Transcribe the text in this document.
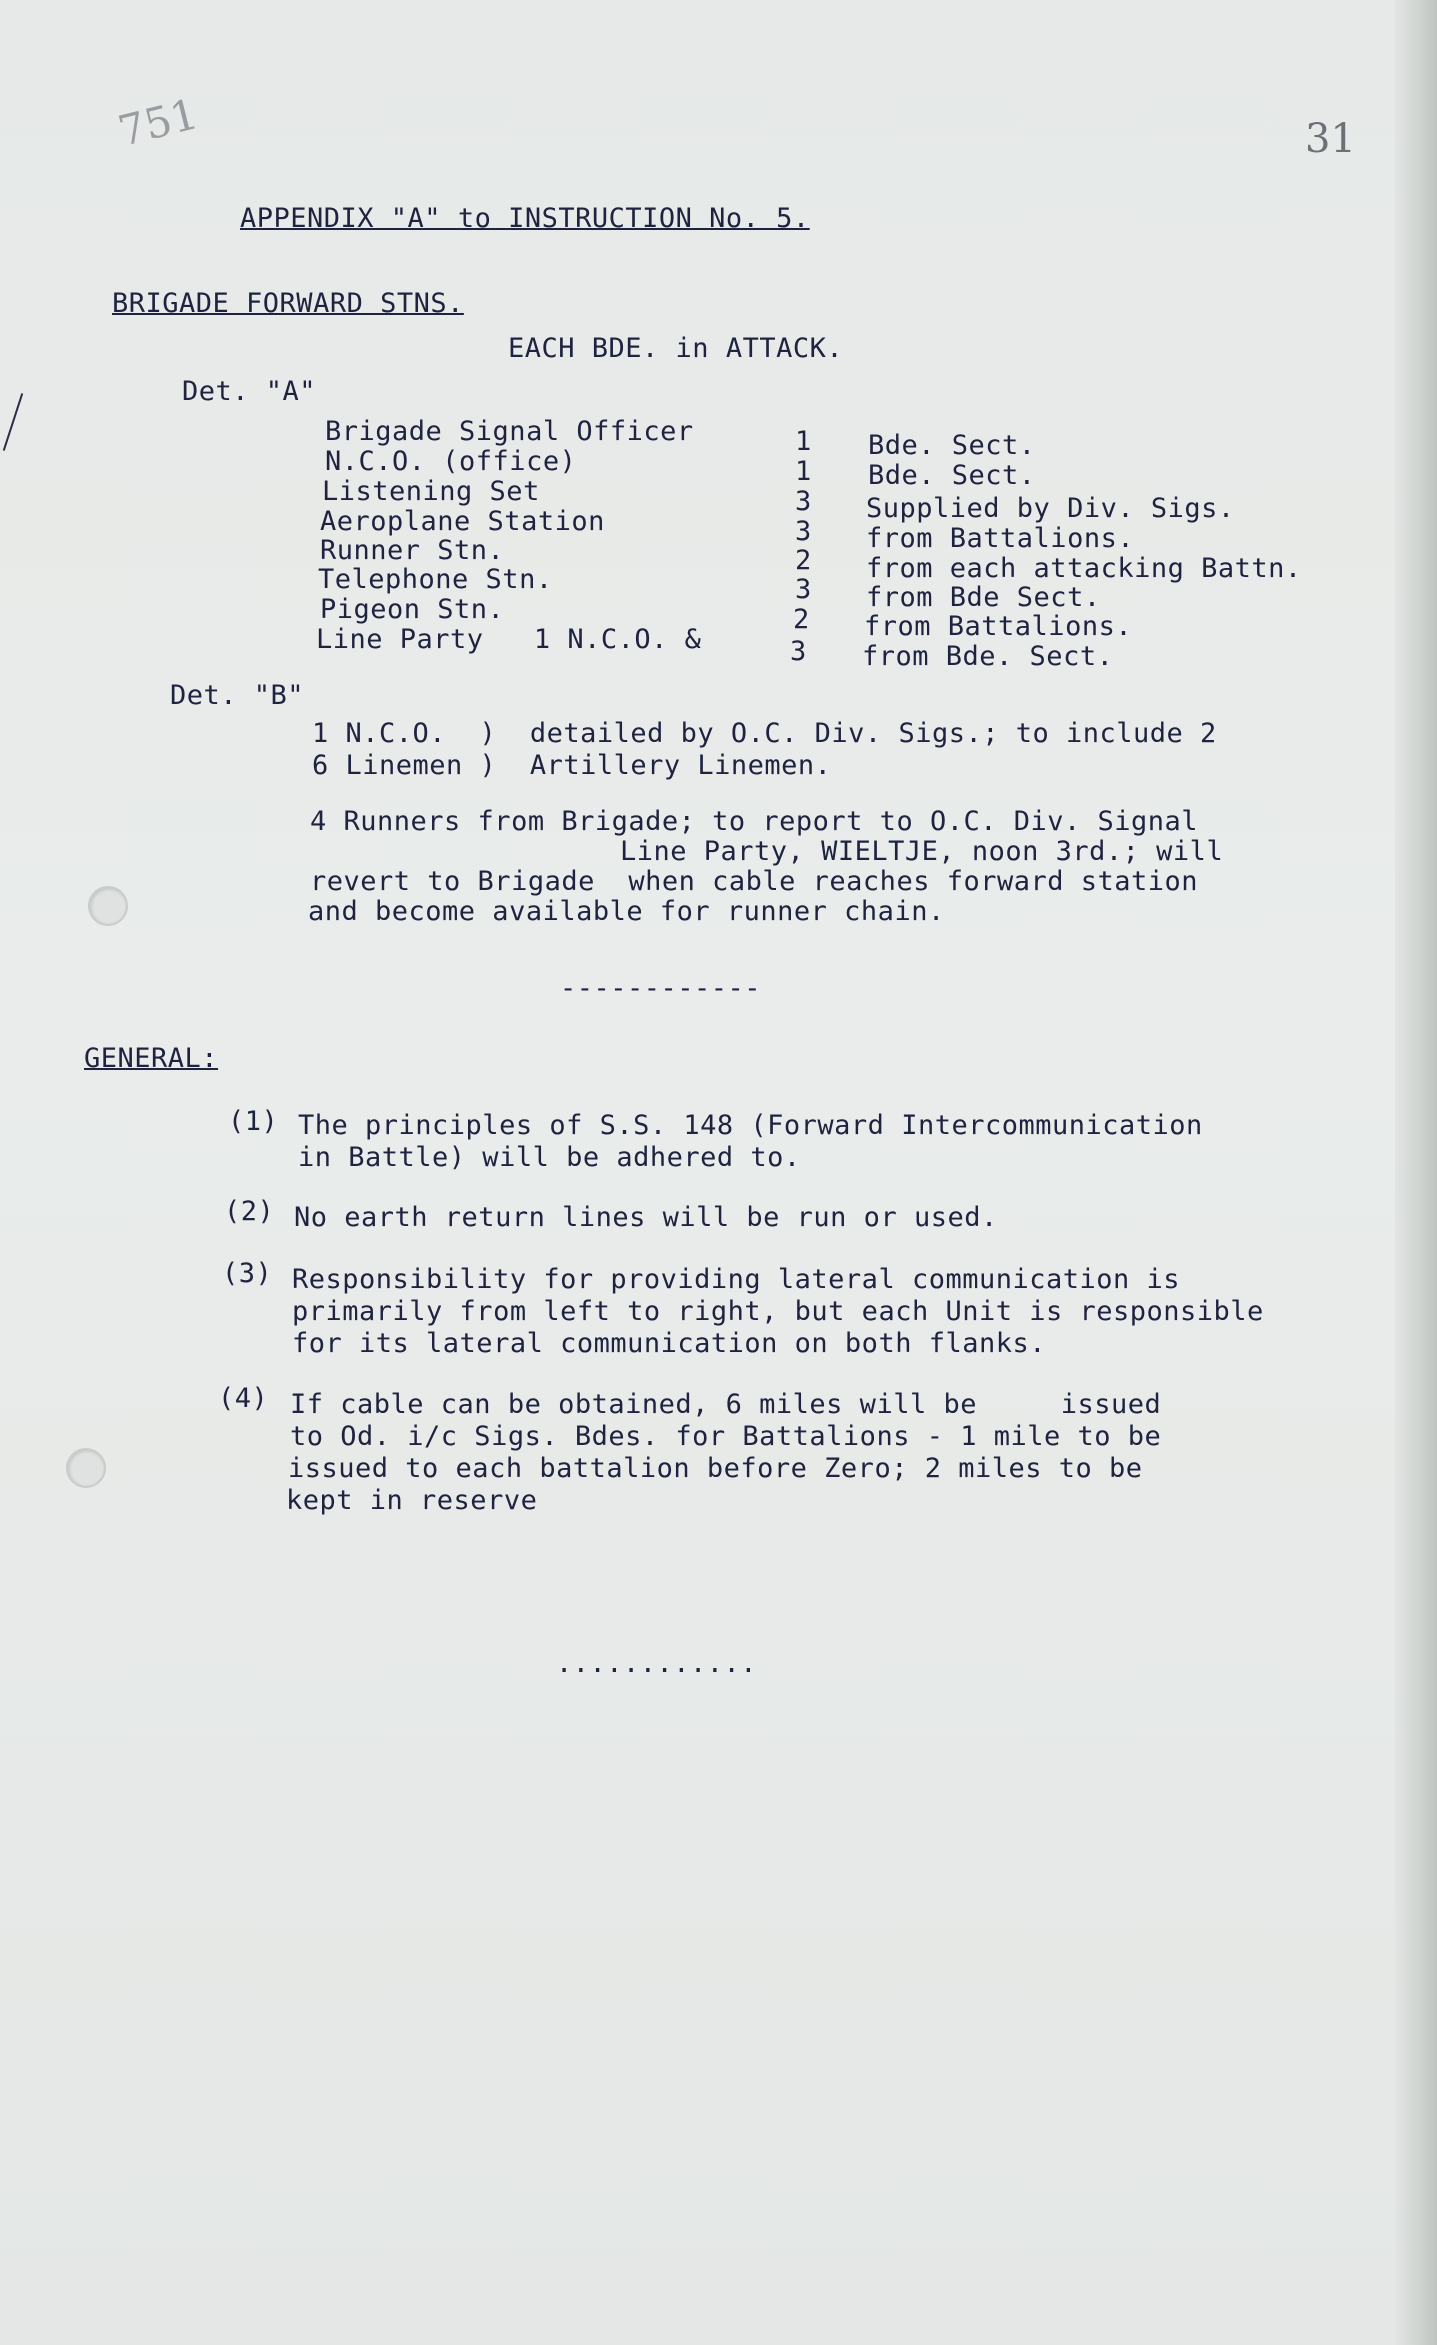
751	31
APPENDIX "A" to INSTRUCTION No. 5.
BRIGADE FORWARD STNS.
EACH BDE. in ATTACK.
Det. "A"
Brigade Signal Officer	1 Bde. Sect.
N.C.O. (office)	1 Bde. Sect.
Listening Set	3 Supplied by Div. Sigs.
Aeroplane Station	3 from Battalions.
Runner Stn.	2 from each attacking Battn.
Telephone Stn.	3 from Bde Sect.
Pigeon Stn.	2 from Battalions.
Line Party   1 N.C.O. &	3 from Bde. Sect.
Det. "B"
1 N.C.O.  )  detailed by O.C. Div. Sigs.; to include 2
6 Linemen )  Artillery Linemen.
4 Runners from Brigade; to report to O.C. Div. Signal
Line Party, WIELTJE, noon 3rd.; will
revert to Brigade  when cable reaches forward station
and become available for runner chain.
------------
GENERAL:
(1) The principles of S.S. 148 (Forward Intercommunication
in Battle) will be adhered to.
(2) No earth return lines will be run or used.
(3) Responsibility for providing lateral communication is
primarily from left to right, but each Unit is responsible
for its lateral communication on both flanks.
(4) If cable can be obtained, 6 miles will be     issued
to Od. i/c Sigs. Bdes. for Battalions - 1 mile to be
issued to each battalion before Zero; 2 miles to be
kept in reserve
............
